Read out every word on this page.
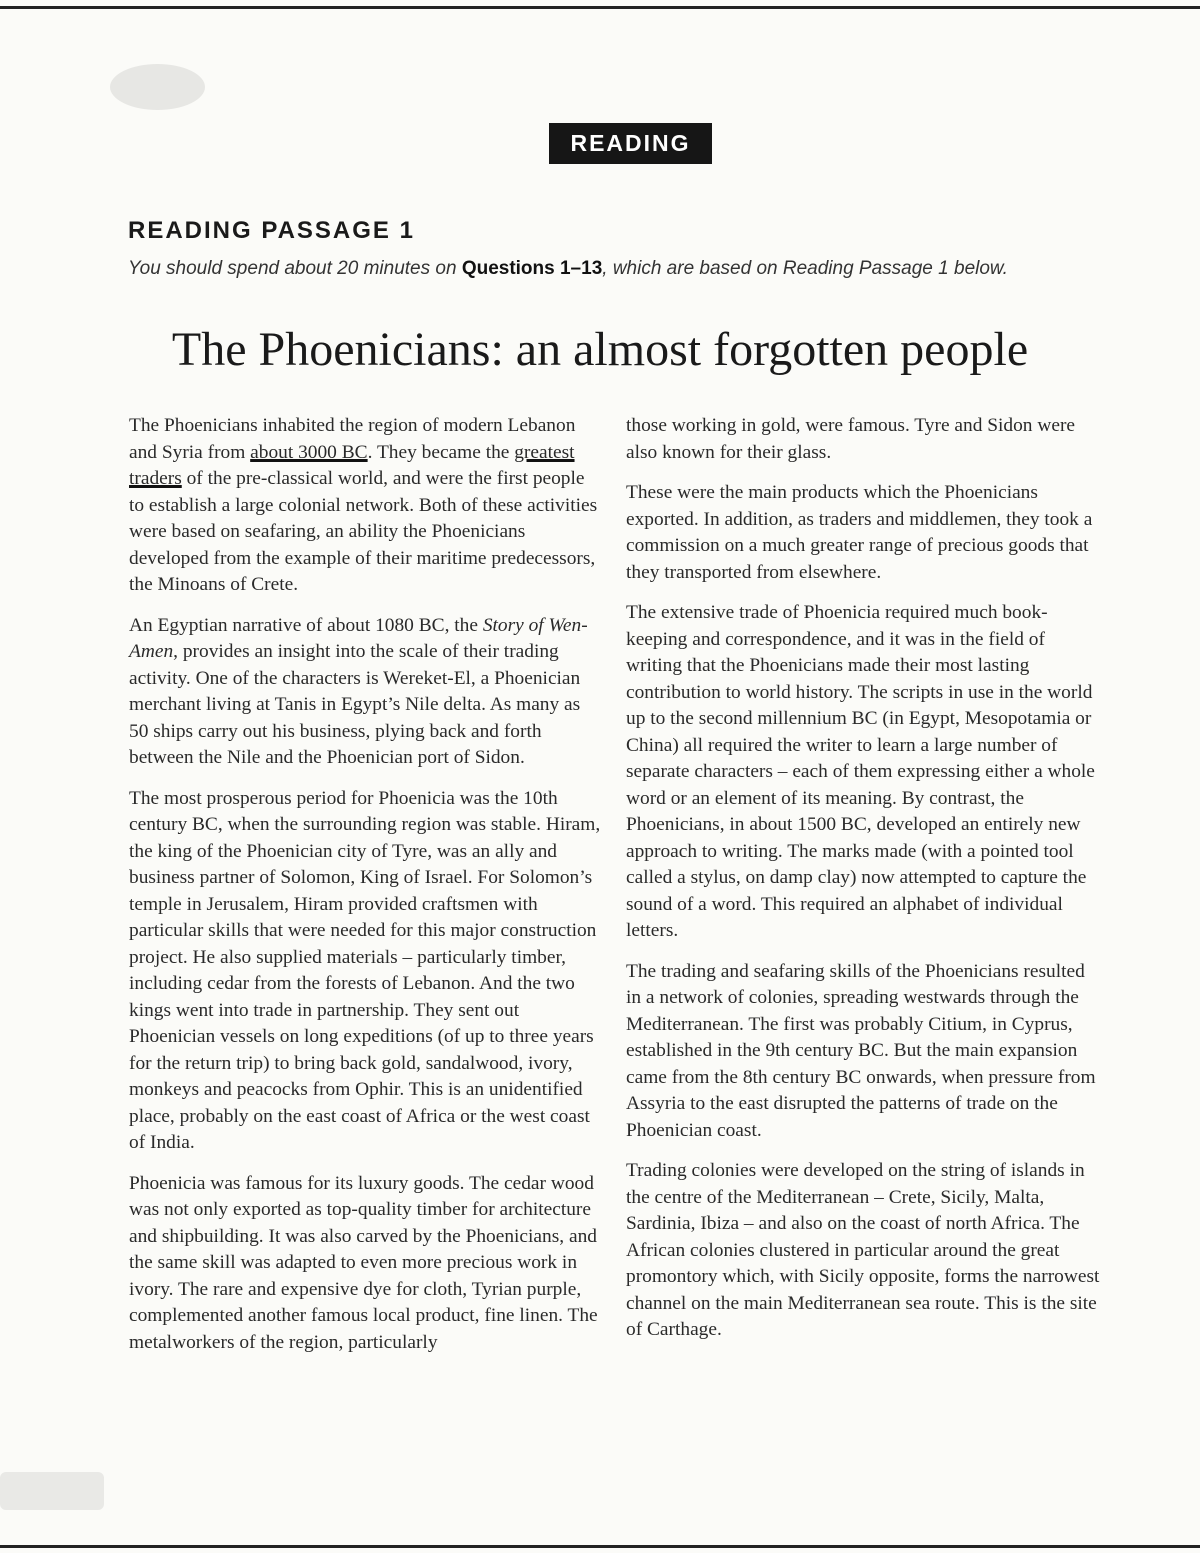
READING
READING PASSAGE 1
You should spend about 20 minutes on Questions 1–13, which are based on Reading Passage 1 below.
The Phoenicians: an almost forgotten people

The Phoenicians inhabited the region of modern Lebanon and Syria from about 3000 BC. They became the greatest traders of the pre-classical world, and were the first people to establish a large colonial network. Both of these activities were based on seafaring, an ability the Phoenicians developed from the example of their maritime predecessors, the Minoans of Crete.

An Egyptian narrative of about 1080 BC, the Story of Wen-Amen, provides an insight into the scale of their trading activity. One of the characters is Wereket-El, a Phoenician merchant living at Tanis in Egypt’s Nile delta. As many as 50 ships carry out his business, plying back and forth between the Nile and the Phoenician port of Sidon.

The most prosperous period for Phoenicia was the 10th century BC, when the surrounding region was stable. Hiram, the king of the Phoenician city of Tyre, was an ally and business partner of Solomon, King of Israel. For Solomon’s temple in Jerusalem, Hiram provided craftsmen with particular skills that were needed for this major construction project. He also supplied materials – particularly timber, including cedar from the forests of Lebanon. And the two kings went into trade in partnership. They sent out Phoenician vessels on long expeditions (of up to three years for the return trip) to bring back gold, sandalwood, ivory, monkeys and peacocks from Ophir. This is an unidentified place, probably on the east coast of Africa or the west coast of India.

Phoenicia was famous for its luxury goods. The cedar wood was not only exported as top-quality timber for architecture and shipbuilding. It was also carved by the Phoenicians, and the same skill was adapted to even more precious work in ivory. The rare and expensive dye for cloth, Tyrian purple, complemented another famous local product, fine linen. The metalworkers of the region, particularly

those working in gold, were famous. Tyre and Sidon were also known for their glass.

These were the main products which the Phoenicians exported. In addition, as traders and middlemen, they took a commission on a much greater range of precious goods that they transported from elsewhere.

The extensive trade of Phoenicia required much book-keeping and correspondence, and it was in the field of writing that the Phoenicians made their most lasting contribution to world history. The scripts in use in the world up to the second millennium BC (in Egypt, Mesopotamia or China) all required the writer to learn a large number of separate characters – each of them expressing either a whole word or an element of its meaning. By contrast, the Phoenicians, in about 1500 BC, developed an entirely new approach to writing. The marks made (with a pointed tool called a stylus, on damp clay) now attempted to capture the sound of a word. This required an alphabet of individual letters.

The trading and seafaring skills of the Phoenicians resulted in a network of colonies, spreading westwards through the Mediterranean. The first was probably Citium, in Cyprus, established in the 9th century BC. But the main expansion came from the 8th century BC onwards, when pressure from Assyria to the east disrupted the patterns of trade on the Phoenician coast.

Trading colonies were developed on the string of islands in the centre of the Mediterranean – Crete, Sicily, Malta, Sardinia, Ibiza – and also on the coast of north Africa. The African colonies clustered in particular around the great promontory which, with Sicily opposite, forms the narrowest channel on the main Mediterranean sea route. This is the site of Carthage.
